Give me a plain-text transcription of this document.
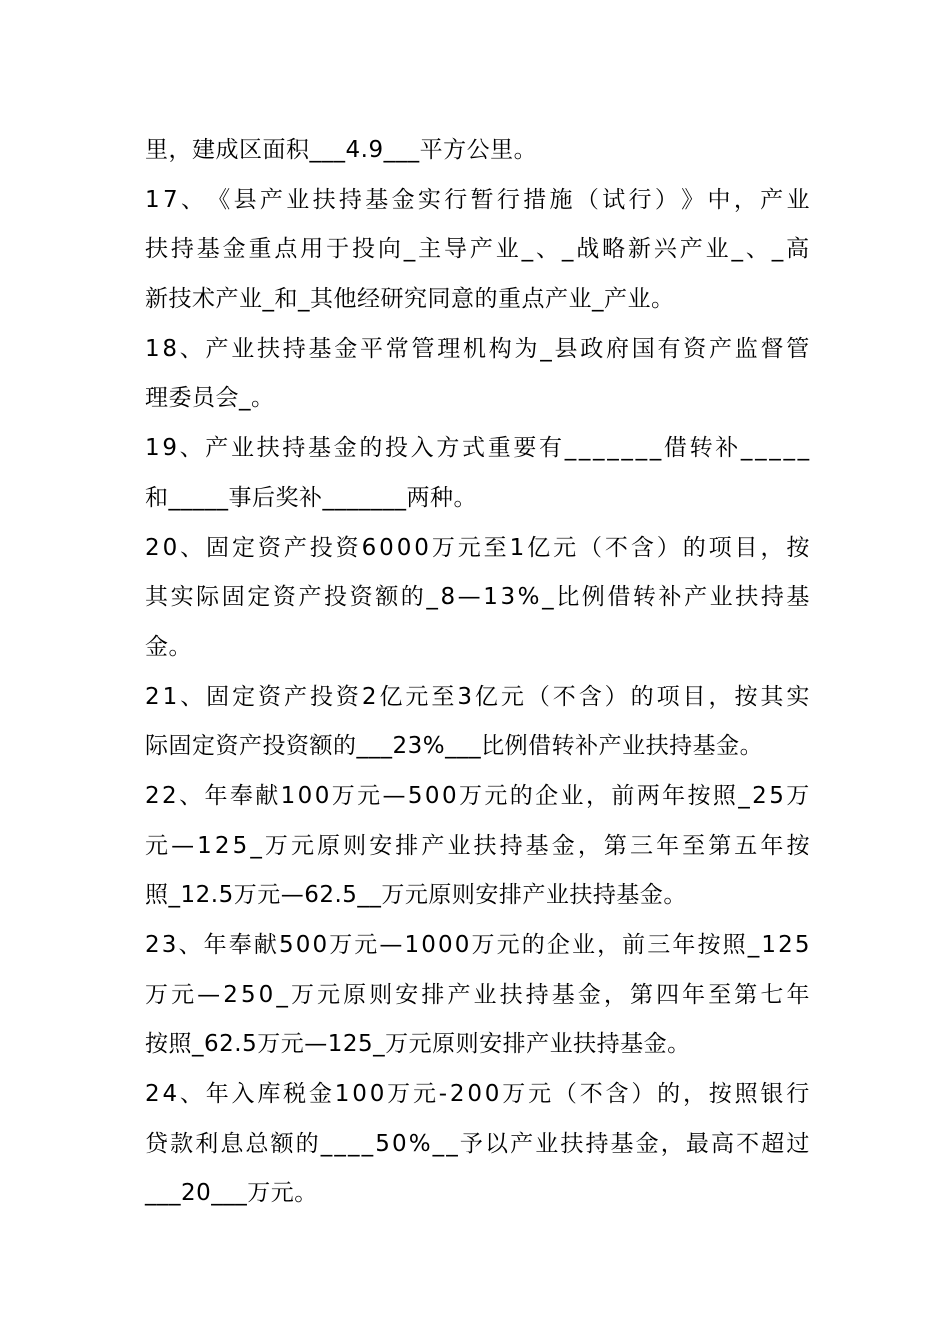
里，建成区面积___4.9___平方公里。
1 7 、 《 县 产 业 扶 持 基 金 实 行 暂 行 措 施 （ 试 行 ） 》 中 ， 产 业
扶 持 基 金 重 点 用 于 投 向 _ 主 导 产 业 _ 、 _ 战 略 新 兴 产 业 _ 、 _ 高
新技术产业_和_其他经研究同意的重点产业_产业。
1 8 、 产 业 扶 持 基 金 平 常 管 理 机 构 为 _ 县 政 府 国 有 资 产 监 督 管
理委员会_。
1 9 、 产 业 扶 持 基 金 的 投 入 方 式 重 要 有 _ _ _ _ _ _ _ 借 转 补 _ _ _ _ _
和_____事后奖补_______两种。
2 0 、 固 定 资 产 投 资 6 0 0 0 万 元 至 1 亿 元 （ 不 含 ） 的 项 目 ， 按
其 实 际 固 定 资 产 投 资 额 的 _ 8 — 1 3 % _ 比 例 借 转 补 产 业 扶 持 基
金。
2 1 、 固 定 资 产 投 资 2 亿 元 至 3 亿 元 （ 不 含 ） 的 项 目 ， 按 其 实
际固定资产投资额的___23%___比例借转补产业扶持基金。
2 2 、 年 奉 献 1 0 0 万 元 — 5 0 0 万 元 的 企 业 ， 前 两 年 按 照 _ 2 5 万
元 — 1 2 5 _ 万 元 原 则 安 排 产 业 扶 持 基 金 ， 第 三 年 至 第 五 年 按
照_12.5万元—62.5__万元原则安排产业扶持基金。
2 3 、 年 奉 献 5 0 0 万 元 — 1 0 0 0 万 元 的 企 业 ， 前 三 年 按 照 _ 1 2 5
万 元 — 2 5 0 _ 万 元 原 则 安 排 产 业 扶 持 基 金 ， 第 四 年 至 第 七 年
按照_62.5万元—125_万元原则安排产业扶持基金。
2 4 、 年 入 库 税 金 1 0 0 万 元 - 2 0 0 万 元 （ 不 含 ） 的 ， 按 照 银 行
贷 款 利 息 总 额 的 _ _ _ _ 5 0 % _ _ 予 以 产 业 扶 持 基 金 ， 最 高 不 超 过
___20___万元。
